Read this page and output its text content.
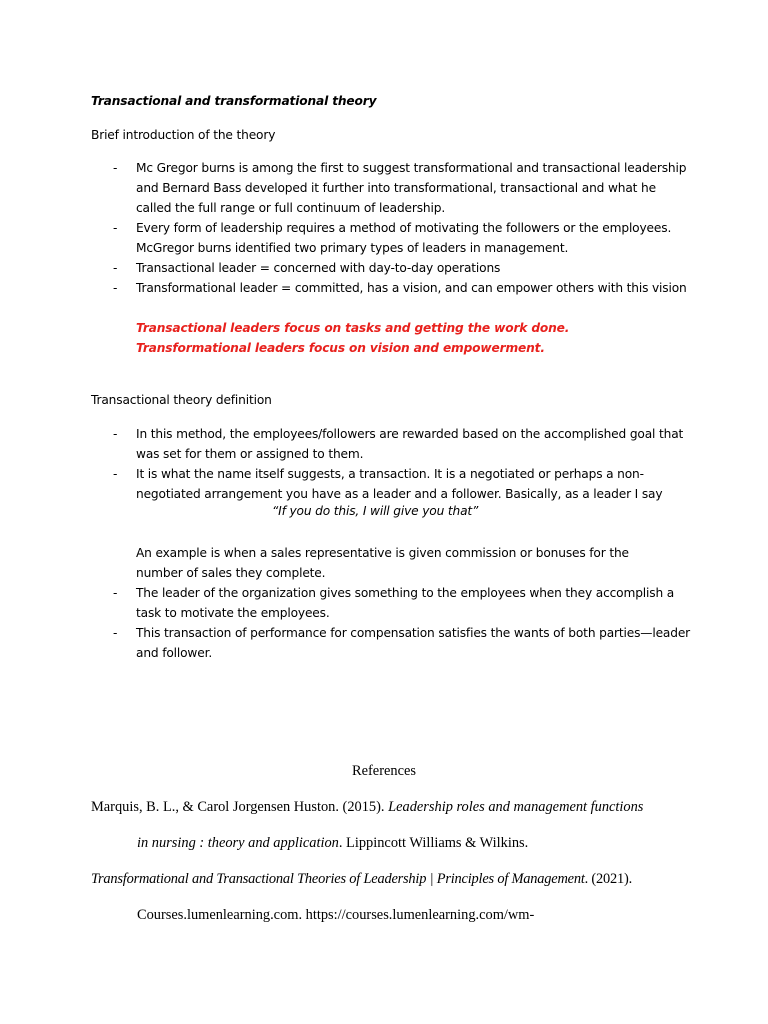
Transactional and transformational theory
Brief introduction of the theory
- Mc Gregor burns is among the first to suggest transformational and transactional leadership and Bernard Bass developed it further into transformational, transactional and what he called the full range or full continuum of leadership.
- Every form of leadership requires a method of motivating the followers or the employees. McGregor burns identified two primary types of leaders in management.
- Transactional leader = concerned with day-to-day operations
- Transformational leader = committed, has a vision, and can empower others with this vision
Transactional leaders focus on tasks and getting the work done. Transformational leaders focus on vision and empowerment.
Transactional theory definition
- In this method, the employees/followers are rewarded based on the accomplished goal that was set for them or assigned to them.
- It is what the name itself suggests, a transaction. It is a negotiated or perhaps a non-negotiated arrangement you have as a leader and a follower. Basically, as a leader I say
“If you do this, I will give you that”
An example is when a sales representative is given commission or bonuses for the number of sales they complete.
- The leader of the organization gives something to the employees when they accomplish a task to motivate the employees.
- This transaction of performance for compensation satisfies the wants of both parties—leader and follower.
References
Marquis, B. L., & Carol Jorgensen Huston. (2015). Leadership roles and management functions
in nursing : theory and application. Lippincott Williams & Wilkins.
Transformational and Transactional Theories of Leadership | Principles of Management. (2021).
Courses.lumenlearning.com. https://courses.lumenlearning.com/wm-
